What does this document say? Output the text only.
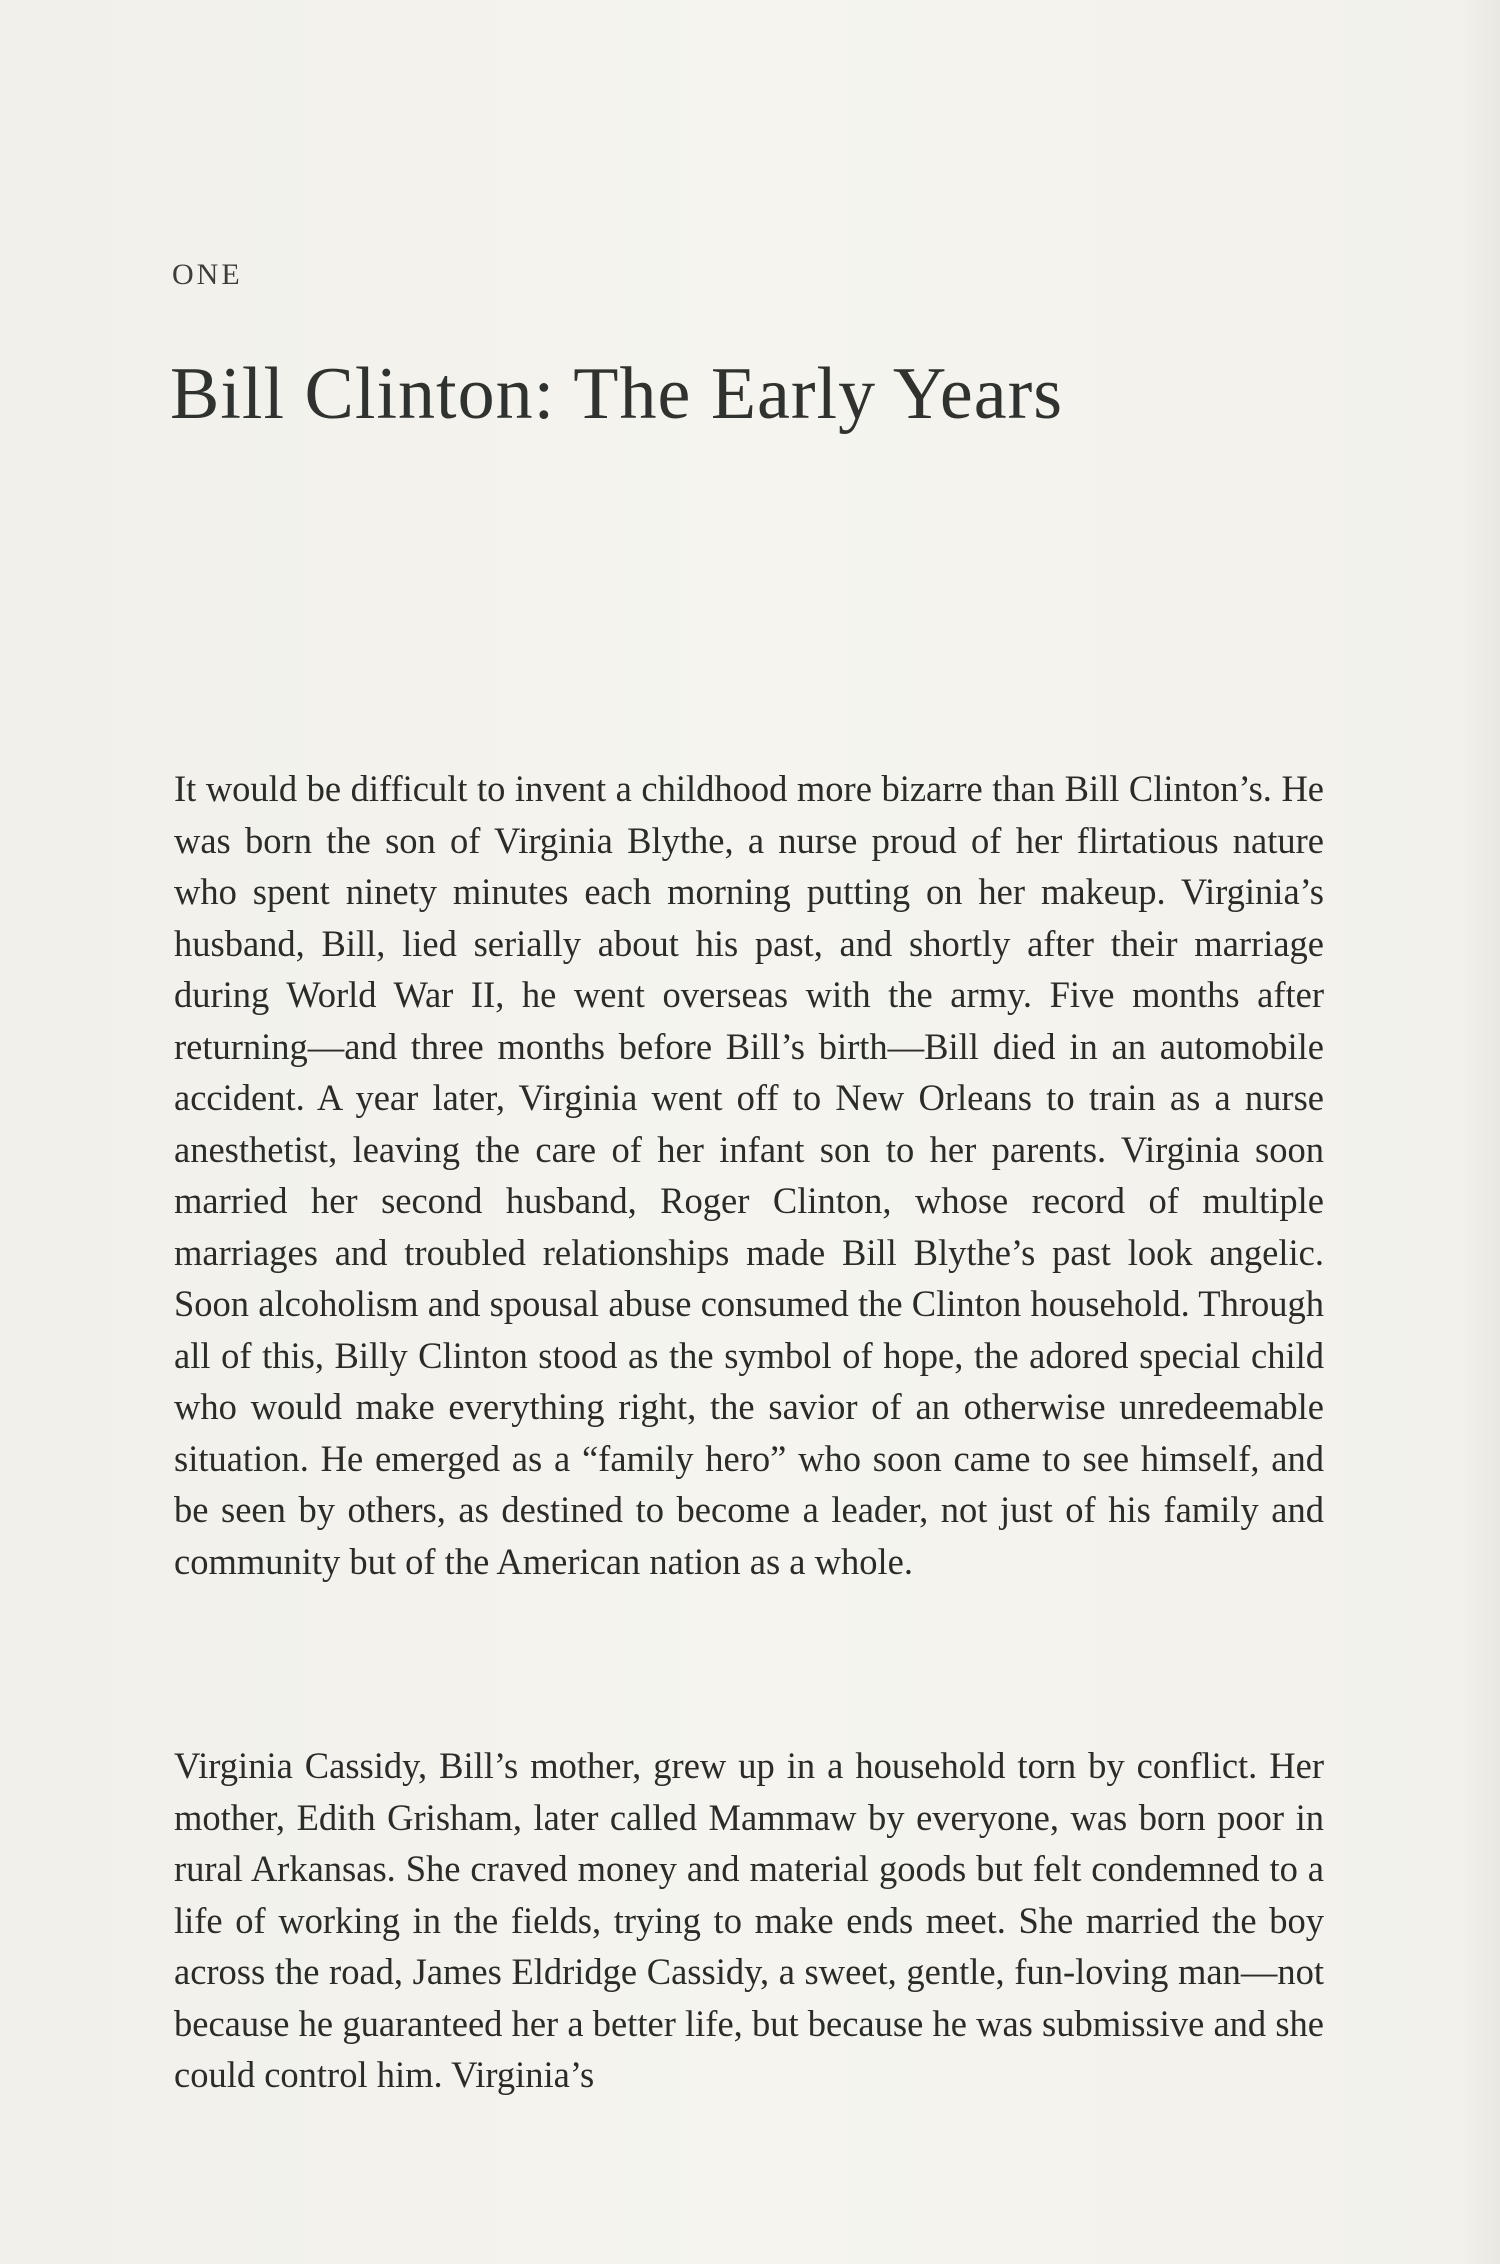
ONE
Bill Clinton: The Early Years

It would be difficult to invent a childhood more bizarre than Bill Clinton’s. He was born the son of Virginia Blythe, a nurse proud of her flirtatious nature who spent ninety minutes each morning putting on her makeup. Virginia’s husband, Bill, lied serially about his past, and shortly after their marriage during World War II, he went overseas with the army. Five months after returning—and three months before Bill’s birth—Bill died in an automobile accident. A year later, Virginia went off to New Orleans to train as a nurse anesthetist, leaving the care of her infant son to her parents. Virginia soon married her second husband, Roger Clinton, whose record of multiple marriages and troubled relationships made Bill Blythe’s past look angelic. Soon alcoholism and spousal abuse consumed the Clinton household. Through all of this, Billy Clinton stood as the symbol of hope, the adored special child who would make everything right, the savior of an otherwise unredeemable situation. He emerged as a “family hero” who soon came to see himself, and be seen by others, as destined to become a leader, not just of his family and community but of the American nation as a whole.

Virginia Cassidy, Bill’s mother, grew up in a household torn by conflict. Her mother, Edith Grisham, later called Mammaw by everyone, was born poor in rural Arkansas. She craved money and material goods but felt condemned to a life of working in the fields, trying to make ends meet. She married the boy across the road, James Eldridge Cassidy, a sweet, gentle, fun-loving man—not because he guaranteed her a better life, but because he was submissive and she could control him. Virginia’s
